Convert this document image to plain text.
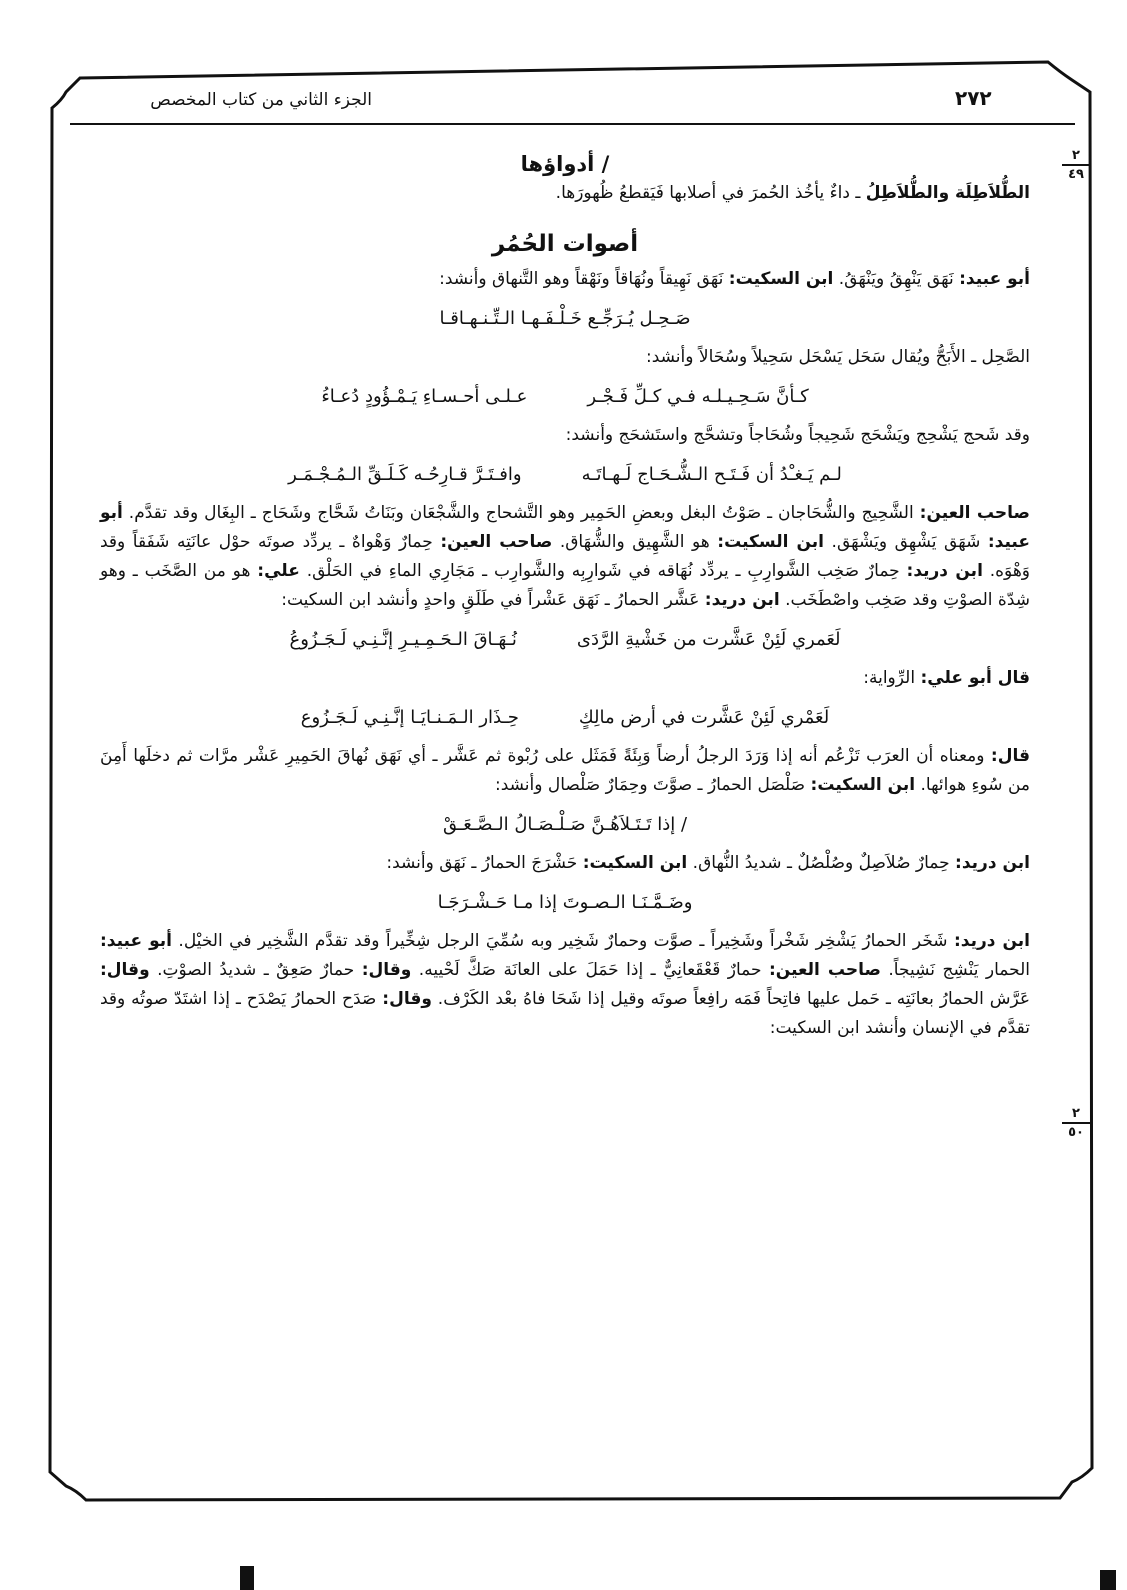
٢٧٢
الجزء الثاني من كتاب المخصص
٢
٤٩
٢
٥٠
/ أدواؤها

الطُّلاَطِلَة والطُّلاَطِلُ ـ داءٌ يأخُذ الحُمرَ في أصلابها فَيَقطعُ ظُهورَها.

أصوات الحُمُر

أبو عبيد: نَهَق يَنْهِقُ ويَنْهَقُ. ابن السكيت: نَهَق نَهِيقاً ونُهَاقاً ونَهْقاً وهو التَّنهاق وأنشد:

صَـحِـل يُـرَجِّـع خَـلْـفَـهـا الـتِّـنـهـاقـا

الصَّحِل ـ الأَبَحُّ ويُقال سَحَل يَسْحَل سَحِيلاً وسُحَالاً وأنشد:

كـأنَّ سَـحِـيـلـه فـي كـلِّ فَـجْـر
عـلـى أحـسـاءِ يَـمْـؤُودٍ دُعـاءُ

وقد شَحج يَشْحِج ويَشْحَج شَحِيجاً وشُحَاجاً وتشحَّج واستَشحَج وأنشد:

لـم يَـغـْدُ أن فَـتَـح الـشُّـحَـاج لَـهـاتَـه
وافـتَـرَّ قـارِحُـه كَـلَـقِّ الـمُـجْـمَـر

صاحب العين: الشَّحِيج والشُّحَاجان ـ صَوْتُ البغل وبعضِ الحَمِير وهو التَّشحاج والشَّجْعَان وبَنَاتُ شَحَّاج وشَحَاج ـ البِغَال وقد تقدَّم. أبو عبيد: شَهَق يَشْهِق ويَشْهَق. ابن السكيت: هو الشَّهِيق والشُّهَاق. صاحب العين: حِمارٌ وَهْواهٌ ـ يردِّد صوتَه حوْل عانَتِه شَفَقاً وقد وَهْوَه. ابن دريد: حِمارٌ صَخِب الشَّوارِبِ ـ يردِّد نُهَاقه في شَوارِبِه والشَّوارِب ـ مَجَارِي الماءِ في الحَلْق. علي: هو من الصَّخَب ـ وهو شِدّة الصوْتِ وقد صَخِب واصْطَخَب. ابن دريد: عَشَّر الحمارُ ـ نَهَق عَشْراً في طَلَقٍ واحدٍ وأنشد ابن السكيت:

لَعَمري لَئِنْ عَشَّرت من خَشْيةِ الرَّدَى
نُـهَـاقَ الـحَـمِـيـرِ إنَّـنِـي لَـجَـزُوعُ

قال أبو علي: الرِّواية:

لَعَمْري لَئِنْ عَشَّرت في أرض مالِكٍ
حِـذَار الـمَـنـايَـا إنَّـنِـي لَـجَـزُوع

قال: ومعناه أن العرَب تَزْعُم أنه إذا وَرَدَ الرجلُ أرضاً وَبِئَةً فَمَثَل على رُبْوة ثم عَشَّر ـ أي نَهَق نُهاقَ الحَمِيرِ عَشْر مرَّات ثم دخلَها أَمِنَ من سُوءِ هوائها. ابن السكيت: صَلْصَل الحمارُ ـ صوَّتَ وحِمَارٌ صَلْصال وأنشد:

/ إذا تَـتَـلاَهُـنَّ صَـلْـصَـالُ الـصَّـعَـقْ

ابن دريد: حِمارٌ صُلاَصِلٌ وصُلْصُلٌ ـ شديدُ النُّهاق. ابن السكيت: حَشْرَجَ الحمارُ ـ نَهَق وأنشد:

وضَـمَّـنَـا الـصـوتَ إذا مـا حَـشْـرَجَـا

ابن دريد: شَخَر الحمارُ يَشْخِر شَخْراً وشَخِيراً ـ صوَّت وحمارٌ شَخِير وبه سُمِّيَ الرجل شِخِّيراً وقد تقدَّم الشَّخِير في الخيْل. أبو عبيد: الحمار يَنْشِج نَشِيجاً. صاحب العين: حمارٌ قَعْقَعانِيٌّ ـ إذا حَمَلَ على العانَة صَكَّ لَحْييه. وقال: حمارٌ صَعِقٌ ـ شديدُ الصوْتِ. وقال: عَرَّش الحمارُ بعانَتِه ـ حَمل عليها فاتِحاً فَمَه رافِعاً صوتَه وقيل إذا شَحَا فاهُ بعْد الكَرْف. وقال: صَدَح الحمارُ يَصْدَح ـ إذا اشتَدّ صوتُه وقد تقدَّم في الإنسان وأنشد ابن السكيت:
